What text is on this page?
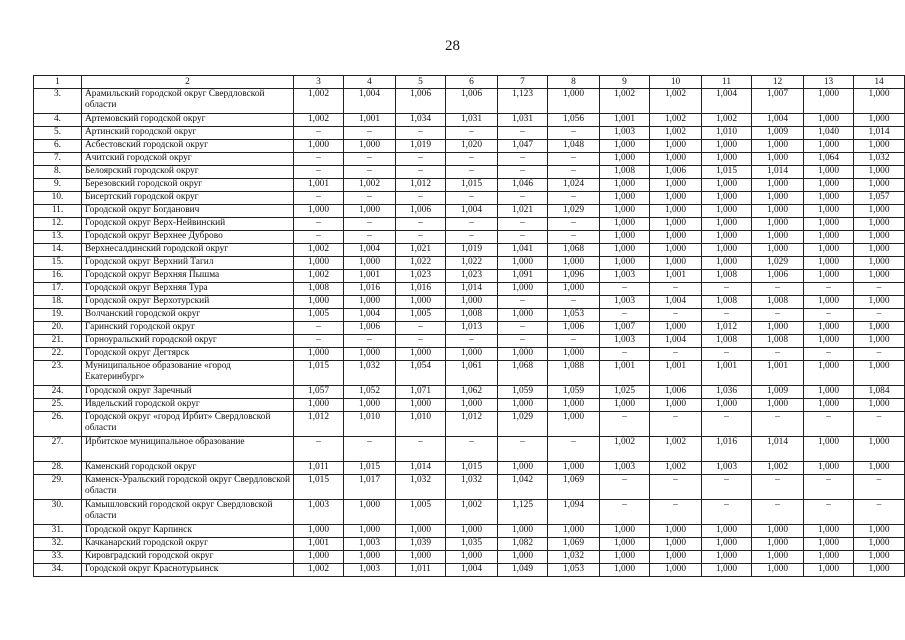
28
1	2	3	4	5	6	7	8	9	10	11	12	13	14
3.	Арамильский городской округ Свердловской области	1,002	1,004	1,006	1,006	1,123	1,000	1,002	1,002	1,004	1,007	1,000	1,000
4.	Артемовский городской округ	1,002	1,001	1,034	1,031	1,031	1,056	1,001	1,002	1,002	1,004	1,000	1,000
5.	Артинский городской округ	–	–	–	–	–	–	1,003	1,002	1,010	1,009	1,040	1,014
6.	Асбестовский городской округ	1,000	1,000	1,019	1,020	1,047	1,048	1,000	1,000	1,000	1,000	1,000	1,000
7.	Ачитский городской округ	–	–	–	–	–	–	1,000	1,000	1,000	1,000	1,064	1,032
8.	Белоярский городской округ	–	–	–	–	–	–	1,008	1,006	1,015	1,014	1,000	1,000
9.	Березовский городской округ	1,001	1,002	1,012	1,015	1,046	1,024	1,000	1,000	1,000	1,000	1,000	1,000
10.	Бисертский городской округ	–	–	–	–	–	–	1,000	1,000	1,000	1,000	1,000	1,057
11.	Городской округ Богданович	1,000	1,000	1,006	1,004	1,021	1,029	1,000	1,000	1,000	1,000	1,000	1,000
12.	Городской округ Верх-Нейвинский	–	–	–	–	–	–	1,000	1,000	1,000	1,000	1,000	1,000
13.	Городской округ Верхнее Дуброво	–	–	–	–	–	–	1,000	1,000	1,000	1,000	1,000	1,000
14.	Верхнесалдинский городской округ	1,002	1,004	1,021	1,019	1,041	1,068	1,000	1,000	1,000	1,000	1,000	1,000
15.	Городской округ Верхний Тагил	1,000	1,000	1,022	1,022	1,000	1,000	1,000	1,000	1,000	1,029	1,000	1,000
16.	Городской округ Верхняя Пышма	1,002	1,001	1,023	1,023	1,091	1,096	1,003	1,001	1,008	1,006	1,000	1,000
17.	Городской округ Верхняя Тура	1,008	1,016	1,016	1,014	1,000	1,000	–	–	–	–	–	–
18.	Городской округ Верхотурский	1,000	1,000	1,000	1,000	–	–	1,003	1,004	1,008	1,008	1,000	1,000
19.	Волчанский городской округ	1,005	1,004	1,005	1,008	1,000	1,053	–	–	–	–	–	–
20.	Гаринский городской округ	–	1,006	–	1,013	–	1,006	1,007	1,000	1,012	1,000	1,000	1,000
21.	Горноуральский городской округ	–	–	–	–	–	–	1,003	1,004	1,008	1,008	1,000	1,000
22.	Городской округ Дегтярск	1,000	1,000	1,000	1,000	1,000	1,000	–	–	–	–	–	–
23.	Муниципальное образование «город Екатеринбург»	1,015	1,032	1,054	1,061	1,068	1,088	1,001	1,001	1,001	1,001	1,000	1,000
24.	Городской округ Заречный	1,057	1,052	1,071	1,062	1,059	1,059	1,025	1,006	1,036	1,009	1,000	1,084
25.	Ивдельский городской округ	1,000	1,000	1,000	1,000	1,000	1,000	1,000	1,000	1,000	1,000	1,000	1,000
26.	Городской округ «город Ирбит» Свердловской области	1,012	1,010	1,010	1,012	1,029	1,000	–	–	–	–	–	–
27.	Ирбитское муниципальное образование	–	–	–	–	–	–	1,002	1,002	1,016	1,014	1,000	1,000
28.	Каменский городской округ	1,011	1,015	1,014	1,015	1,000	1,000	1,003	1,002	1,003	1,002	1,000	1,000
29.	Каменск-Уральский городской округ Свердловской области	1,015	1,017	1,032	1,032	1,042	1,069	–	–	–	–	–	–
30.	Камышловский городской округ Свердловской области	1,003	1,000	1,005	1,002	1,125	1,094	–	–	–	–	–	–
31.	Городской округ Карпинск	1,000	1,000	1,000	1,000	1,000	1,000	1,000	1,000	1,000	1,000	1,000	1,000
32.	Качканарский городской округ	1,001	1,003	1,039	1,035	1,082	1,069	1,000	1,000	1,000	1,000	1,000	1,000
33.	Кировградский городской округ	1,000	1,000	1,000	1,000	1,000	1,032	1,000	1,000	1,000	1,000	1,000	1,000
34.	Городской округ Краснотурьинск	1,002	1,003	1,011	1,004	1,049	1,053	1,000	1,000	1,000	1,000	1,000	1,000
